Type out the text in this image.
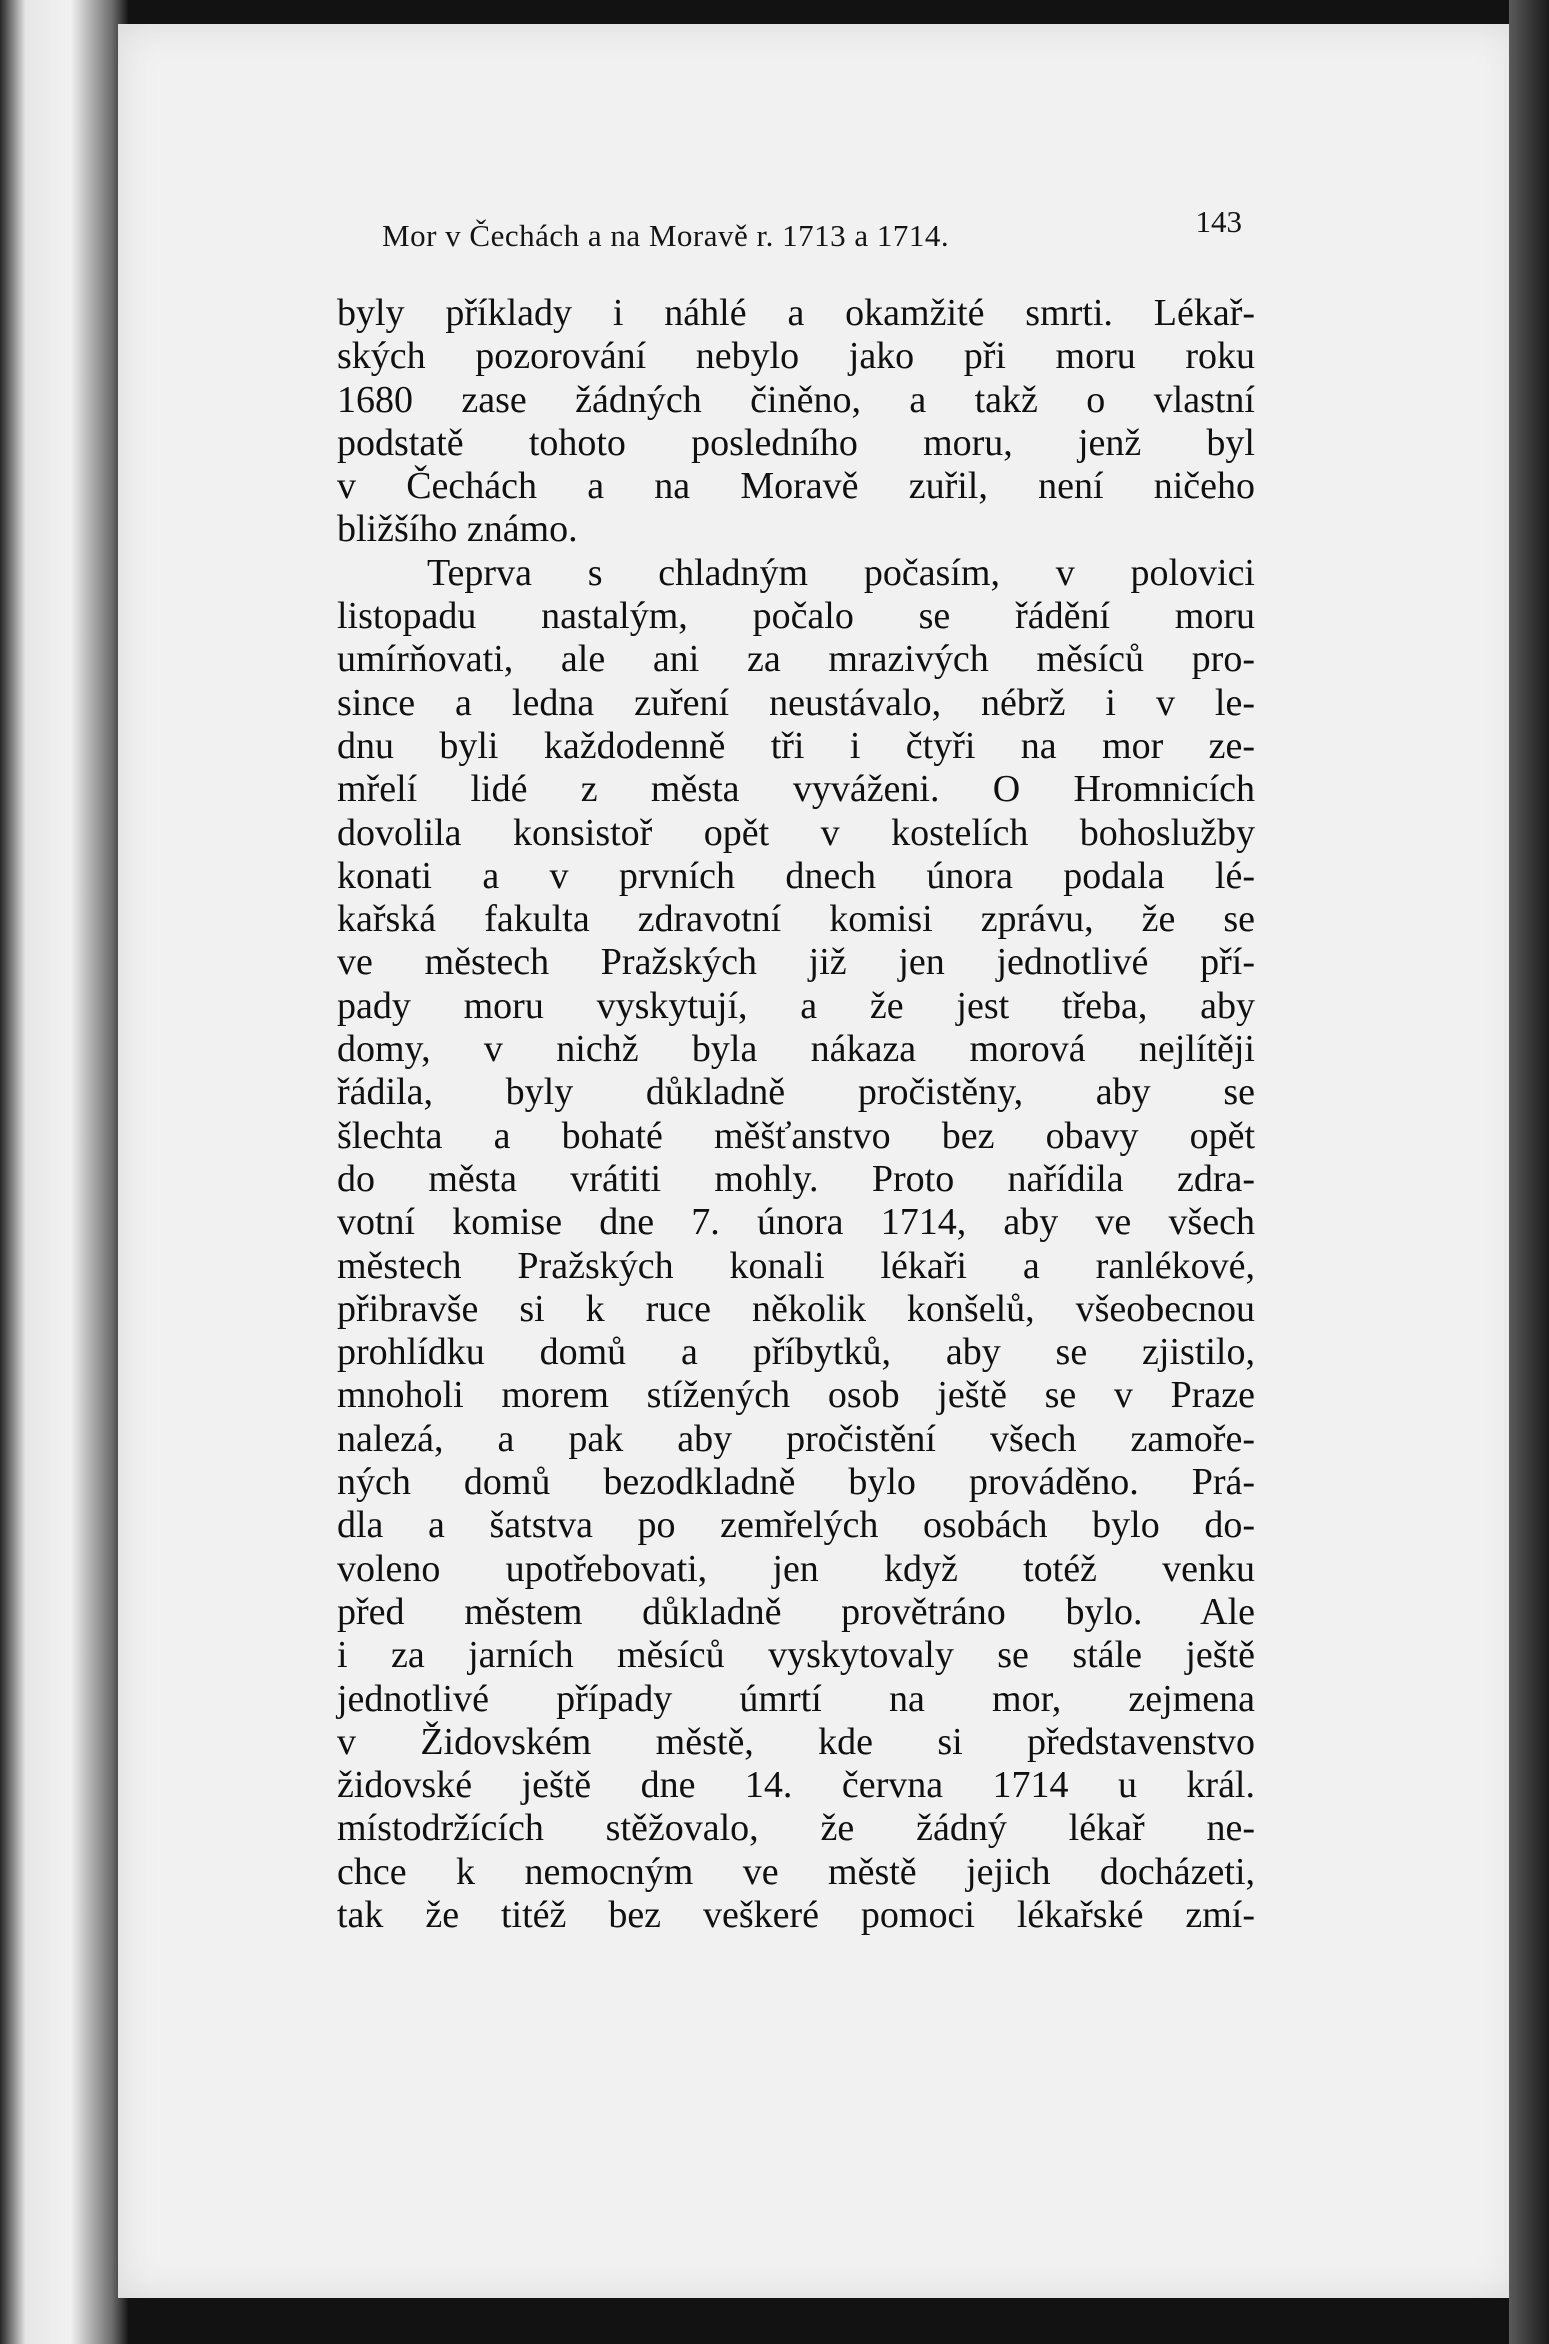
Mor v Čechách a na Moravě r. 1713 a 1714.	143
byly příklady i náhlé a okamžité smrti. Lékař-
ských pozorování nebylo jako při moru roku
1680 zase žádných činěno, a takž o vlastní
podstatě tohoto posledního moru, jenž byl
v Čechách a na Moravě zuřil, není ničeho
bližšího známo.
Teprva s chladným počasím, v polovici
listopadu nastalým, počalo se řádění moru
umírňovati, ale ani za mrazivých měsíců pro-
since a ledna zuření neustávalo, nébrž i v le-
dnu byli každodenně tři i čtyři na mor ze-
mřelí lidé z města vyváženi. O Hromnicích
dovolila konsistoř opět v kostelích bohoslužby
konati a v prvních dnech února podala lé-
kařská fakulta zdravotní komisi zprávu, že se
ve městech Pražských již jen jednotlivé pří-
pady moru vyskytují, a že jest třeba, aby
domy, v nichž byla nákaza morová nejlítěji
řádila, byly důkladně pročistěny, aby se
šlechta a bohaté měšťanstvo bez obavy opět
do města vrátiti mohly. Proto nařídila zdra-
votní komise dne 7. února 1714, aby ve všech
městech Pražských konali lékaři a ranlékové,
přibravše si k ruce několik konšelů, všeobecnou
prohlídku domů a příbytků, aby se zjistilo,
mnoholi morem stížených osob ještě se v Praze
nalezá, a pak aby pročistění všech zamoře-
ných domů bezodkladně bylo prováděno. Prá-
dla a šatstva po zemřelých osobách bylo do-
voleno upotřebovati, jen když totéž venku
před městem důkladně provětráno bylo. Ale
i za jarních měsíců vyskytovaly se stále ještě
jednotlivé případy úmrtí na mor, zejmena
v Židovském městě, kde si představenstvo
židovské ještě dne 14. června 1714 u král.
místodržících stěžovalo, že žádný lékař ne-
chce k nemocným ve městě jejich docházeti,
tak že titéž bez veškeré pomoci lékařské zmí-
